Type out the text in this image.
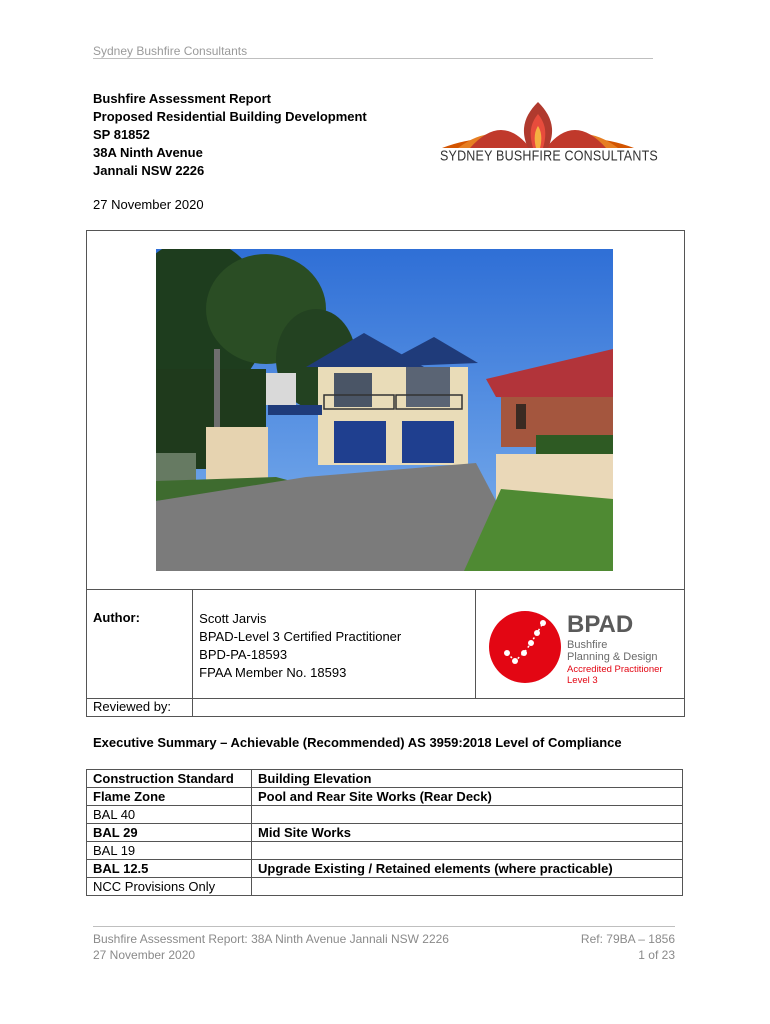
Sydney Bushfire Consultants
Bushfire Assessment Report
Proposed Residential Building Development
SP 81852
38A Ninth Avenue
Jannali NSW 2226
27 November 2020
SYDNEY BUSHFIRE CONSULTANTS
Author:	Scott Jarvis
BPAD-Level 3 Certified Practitioner
BPD-PA-18593
FPAA Member No. 18593	

Reviewed by:		
BPAD
Bushfire
Planning & Design
Accredited Practitioner
Level 3
Executive Summary – Achievable (Recommended) AS 3959:2018 Level of Compliance
Construction Standard	Building Elevation
Flame Zone	Pool and Rear Site Works (Rear Deck)
BAL 40	
BAL 29	Mid Site Works
BAL 19	
BAL 12.5	Upgrade Existing / Retained elements (where practicable)
NCC Provisions Only	
Bushfire Assessment Report: 38A Ninth Avenue Jannali NSW 2226
27 November 2020
Ref: 79BA – 1856
1 of 23
